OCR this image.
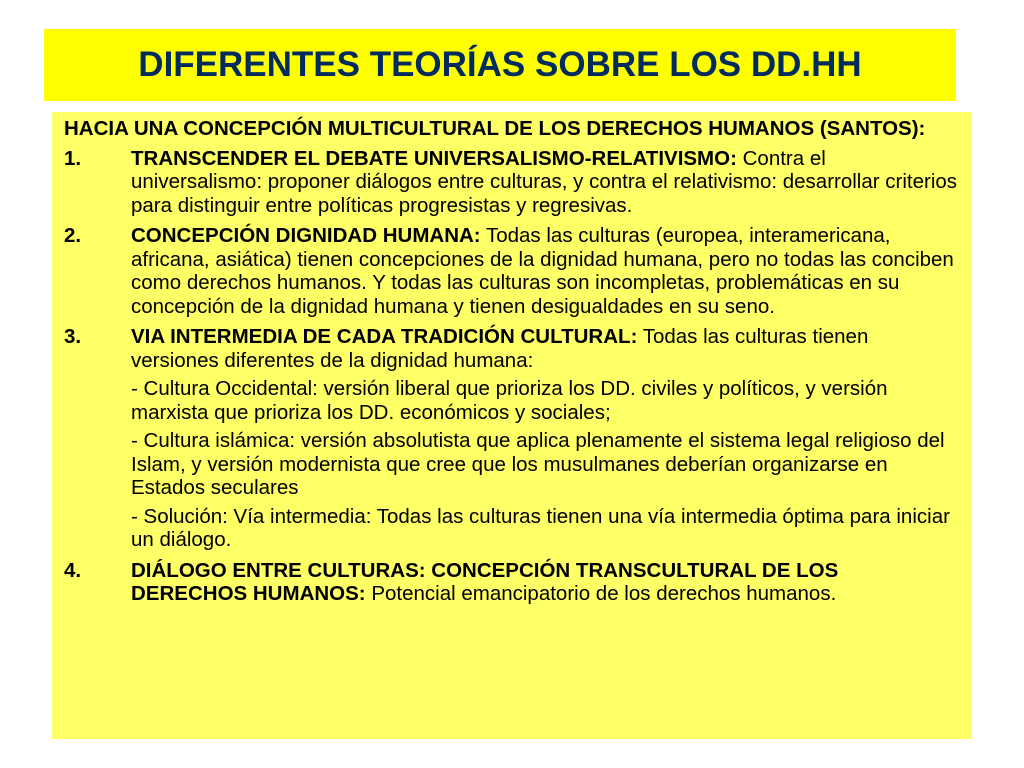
DIFERENTES TEORÍAS SOBRE LOS DD.HH
HACIA UNA CONCEPCIÓN MULTICULTURAL DE LOS DERECHOS HUMANOS (SANTOS):
1.	TRANSCENDER EL DEBATE UNIVERSALISMO-RELATIVISMO: Contra el universalismo: proponer diálogos entre culturas, y contra el relativismo: desarrollar criterios para distinguir entre políticas progresistas y regresivas.
2.	CONCEPCIÓN DIGNIDAD HUMANA: Todas las culturas (europea, interamericana, africana, asiática) tienen concepciones de la dignidad humana, pero no todas las conciben como derechos humanos. Y todas las culturas son incompletas, problemáticas en su concepción de la dignidad humana y tienen desigualdades en su seno.
3.	VIA INTERMEDIA DE CADA TRADICIÓN CULTURAL: Todas las culturas tienen versiones diferentes de la dignidad humana:
- Cultura Occidental: versión liberal que prioriza los DD. civiles y políticos, y versión marxista que prioriza los DD. económicos y sociales;
- Cultura islámica: versión absolutista que aplica plenamente el sistema legal religioso del Islam, y versión modernista que cree que los musulmanes deberían organizarse en Estados seculares
- Solución: Vía intermedia: Todas las culturas tienen una vía intermedia óptima para iniciar un diálogo.
4.	DIÁLOGO ENTRE CULTURAS: CONCEPCIÓN TRANSCULTURAL DE LOS DERECHOS HUMANOS: Potencial emancipatorio de los derechos humanos.
